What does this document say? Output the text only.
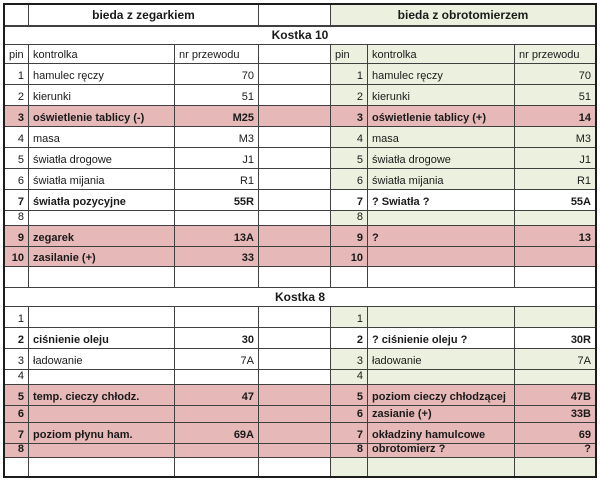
bieda z zegarkiem	bieda z obrotomierzem
Kostka 10
pin kontrolka	nr przewodu	pin	kontrolka	nr przewodu
1 hamulec ręczy	70	1 hamulec ręczy	70
2 kierunki	51	2 kierunki	51
3 oświetlenie tablicy (-)	M25	3 oświetlenie tablicy (+)	14
4 masa	M3	4 masa	M3
5 światła drogowe	J1	5 światła drogowe	J1
6 światła mijania	R1	6 światła mijania	R1
7 światła pozycyjne	55R	7 ? Swiatła ?	55A
8	8
9 zegarek	13A	9 ?	13
10 zasilanie (+)	33	10
Kostka 8
1	1
2 ciśnienie oleju	30	2 ? ciśnienie oleju ?	30R
3 ładowanie	7A	3 ładowanie	7A
4	4
5 temp. cieczy chłodz.	47	5 poziom cieczy chłodzącej	47B
6	6 zasianie (+)	33B
7 poziom płynu ham.	69A	7 okładziny hamulcowe	69
8	8 obrotomierz ?	?
